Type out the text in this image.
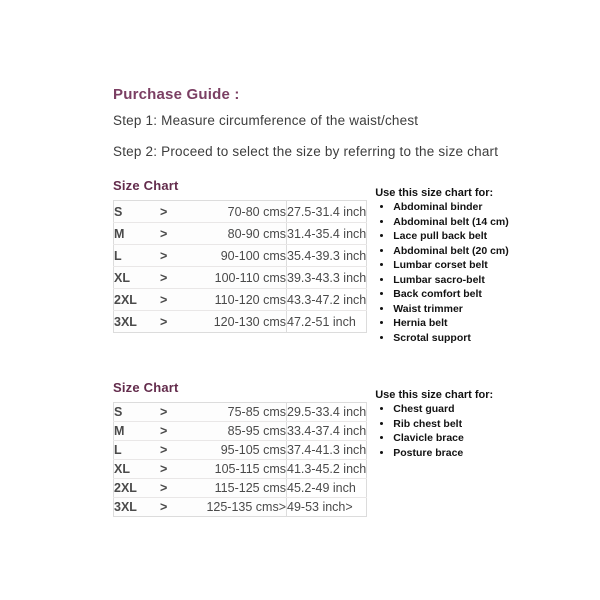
Purchase Guide :

Step 1: Measure circumference of the waist/chest

Step 2: Proceed to select the size by referring to the size chart

Size Chart
S	>	70-80 cms	27.5-31.4 inch
M	>	80-90 cms	31.4-35.4 inch
L	>	90-100 cms	35.4-39.3 inch
XL	>	100-110 cms	39.3-43.3 inch
2XL	>	110-120 cms	43.3-47.2 inch
3XL	>	120-130 cms	47.2-51 inch
Use this size chart for:
• Abdominal binder
• Abdominal belt (14 cm)
• Lace pull back belt
• Abdominal belt (20 cm)
• Lumbar corset belt
• Lumbar sacro-belt
• Back comfort belt
• Waist trimmer
• Hernia belt
• Scrotal support
Size Chart
S	>	75-85 cms	29.5-33.4 inch
M	>	85-95 cms	33.4-37.4 inch
L	>	95-105 cms	37.4-41.3 inch
XL	>	105-115 cms	41.3-45.2 inch
2XL	>	115-125 cms	45.2-49 inch
3XL	>	125-135 cms>	49-53 inch>
Use this size chart for:
• Chest guard
• Rib chest belt
• Clavicle brace
• Posture brace
